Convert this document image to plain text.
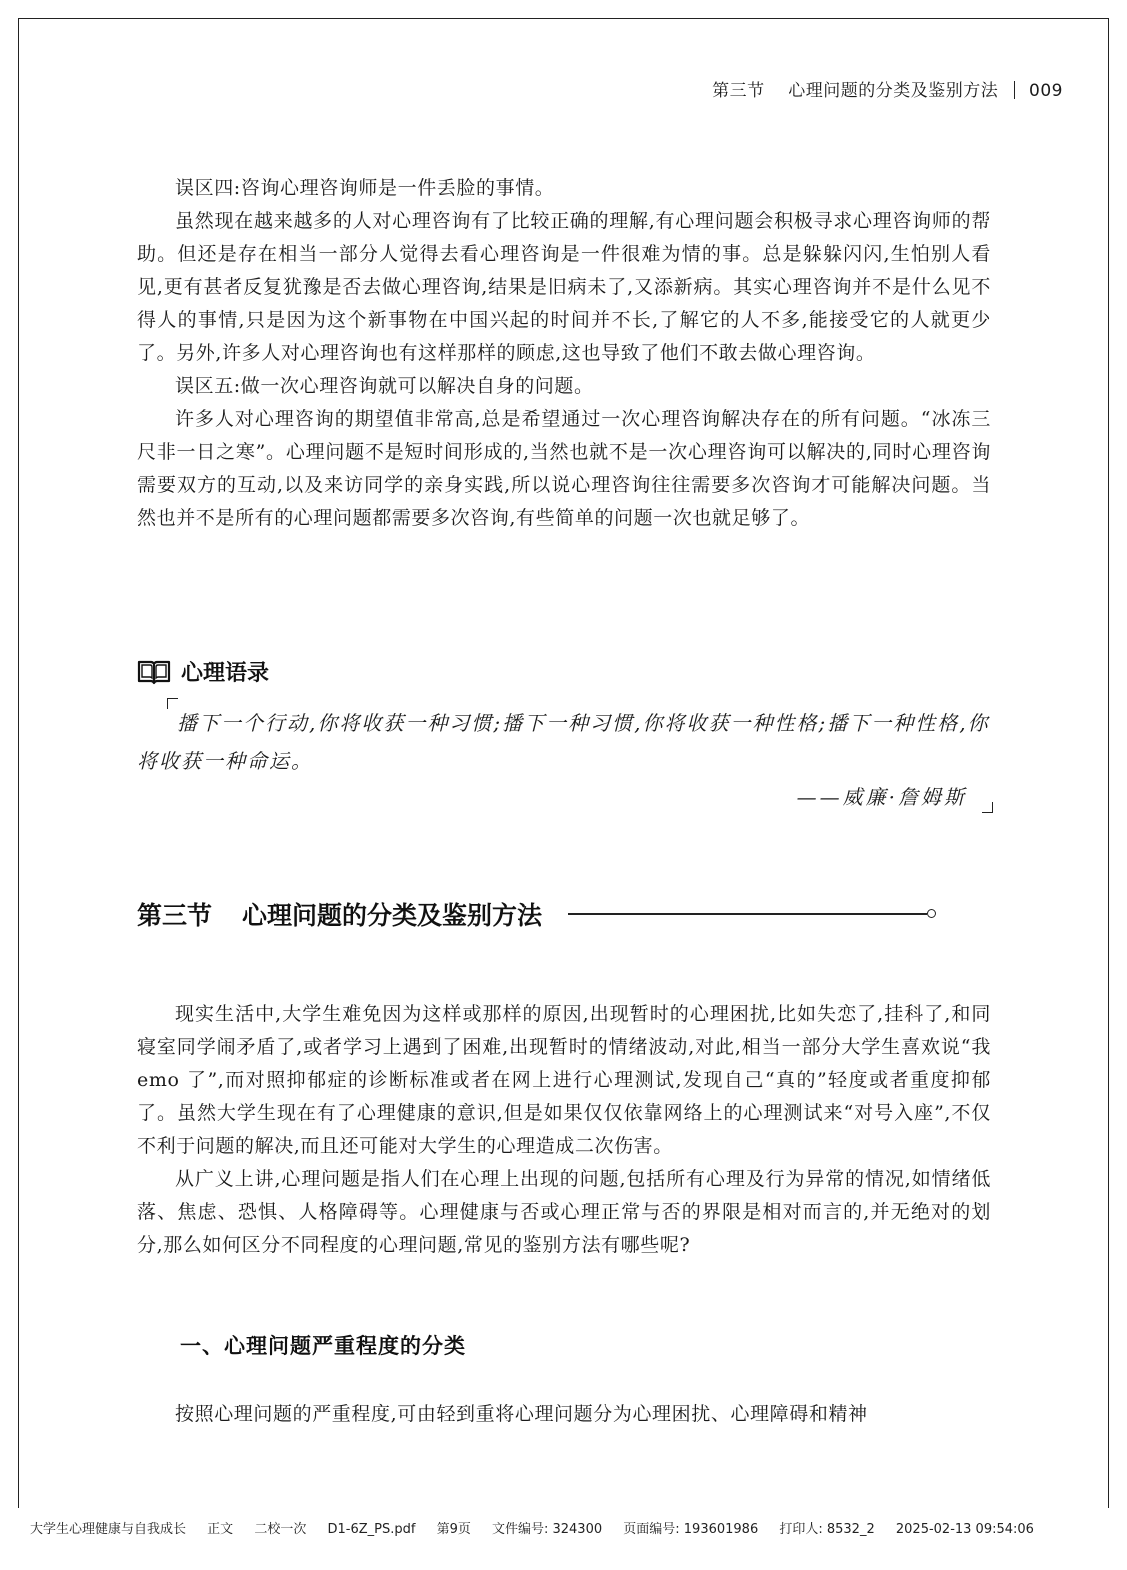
第三节 心理问题的分类及鉴别方法 009

误区四:咨询心理咨询师是一件丢脸的事情。

虽然现在越来越多的人对心理咨询有了比较正确的理解,有心理问题会积极寻求心理咨询师的帮助。但还是存在相当一部分人觉得去看心理咨询是一件很难为情的事。总是躲躲闪闪,生怕别人看见,更有甚者反复犹豫是否去做心理咨询,结果是旧病未了,又添新病。其实心理咨询并不是什么见不得人的事情,只是因为这个新事物在中国兴起的时间并不长,了解它的人不多,能接受它的人就更少了。另外,许多人对心理咨询也有这样那样的顾虑,这也导致了他们不敢去做心理咨询。

误区五:做一次心理咨询就可以解决自身的问题。

许多人对心理咨询的期望值非常高,总是希望通过一次心理咨询解决存在的所有问题。“冰冻三尺非一日之寒”。心理问题不是短时间形成的,当然也就不是一次心理咨询可以解决的,同时心理咨询需要双方的互动,以及来访同学的亲身实践,所以说心理咨询往往需要多次咨询才可能解决问题。当然也并不是所有的心理问题都需要多次咨询,有些简单的问题一次也就足够了。

心理语录

播下一个行动,你将收获一种习惯;播下一种习惯,你将收获一种性格;播下一种性格,你将收获一种命运。

——威廉·詹姆斯
第三节 心理问题的分类及鉴别方法

现实生活中,大学生难免因为这样或那样的原因,出现暂时的心理困扰,比如失恋了,挂科了,和同寝室同学闹矛盾了,或者学习上遇到了困难,出现暂时的情绪波动,对此,相当一部分大学生喜欢说“我 emo 了”,而对照抑郁症的诊断标准或者在网上进行心理测试,发现自己“真的”轻度或者重度抑郁了。虽然大学生现在有了心理健康的意识,但是如果仅仅依靠网络上的心理测试来“对号入座”,不仅不利于问题的解决,而且还可能对大学生的心理造成二次伤害。

从广义上讲,心理问题是指人们在心理上出现的问题,包括所有心理及行为异常的情况,如情绪低落、焦虑、恐惧、人格障碍等。心理健康与否或心理正常与否的界限是相对而言的,并无绝对的划分,那么如何区分不同程度的心理问题,常见的鉴别方法有哪些呢?

一、心理问题严重程度的分类

按照心理问题的严重程度,可由轻到重将心理问题分为心理困扰、心理障碍和精神

大学生心理健康与自我成长 正文 二校一次 D1-6Z_PS.pdf 第9页 文件编号: 324300 页面编号: 193601986 打印人: 8532_2 2025-02-13 09:54:06
